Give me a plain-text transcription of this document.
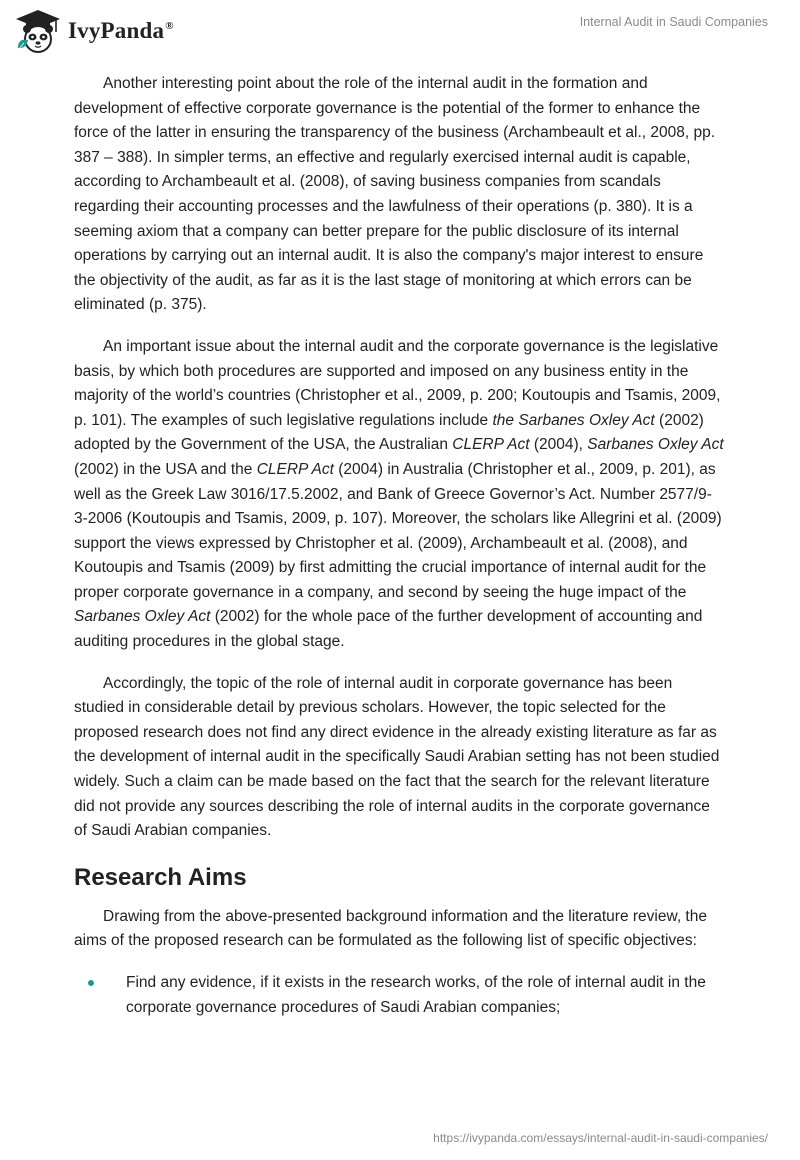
IvyPanda®	Internal Audit in Saudi Companies

Another interesting point about the role of the internal audit in the formation and development of effective corporate governance is the potential of the former to enhance the force of the latter in ensuring the transparency of the business (Archambeault et al., 2008, pp. 387 – 388). In simpler terms, an effective and regularly exercised internal audit is capable, according to Archambeault et al. (2008), of saving business companies from scandals regarding their accounting processes and the lawfulness of their operations (p. 380). It is a seeming axiom that a company can better prepare for the public disclosure of its internal operations by carrying out an internal audit. It is also the company's major interest to ensure the objectivity of the audit, as far as it is the last stage of monitoring at which errors can be eliminated (p. 375).

An important issue about the internal audit and the corporate governance is the legislative basis, by which both procedures are supported and imposed on any business entity in the majority of the world’s countries (Christopher et al., 2009, p. 200; Koutoupis and Tsamis, 2009, p. 101). The examples of such legislative regulations include the Sarbanes Oxley Act (2002) adopted by the Government of the USA, the Australian CLERP Act (2004), Sarbanes Oxley Act (2002) in the USA and the CLERP Act (2004) in Australia (Christopher et al., 2009, p. 201), as well as the Greek Law 3016/17.5.2002, and Bank of Greece Governor’s Act. Number 2577/9-3-2006 (Koutoupis and Tsamis, 2009, p. 107). Moreover, the scholars like Allegrini et al. (2009) support the views expressed by Christopher et al. (2009), Archambeault et al. (2008), and Koutoupis and Tsamis (2009) by first admitting the crucial importance of internal audit for the proper corporate governance in a company, and second by seeing the huge impact of the Sarbanes Oxley Act (2002) for the whole pace of the further development of accounting and auditing procedures in the global stage.

Accordingly, the topic of the role of internal audit in corporate governance has been studied in considerable detail by previous scholars. However, the topic selected for the proposed research does not find any direct evidence in the already existing literature as far as the development of internal audit in the specifically Saudi Arabian setting has not been studied widely. Such a claim can be made based on the fact that the search for the relevant literature did not provide any sources describing the role of internal audits in the corporate governance of Saudi Arabian companies.

Research Aims

Drawing from the above-presented background information and the literature review, the aims of the proposed research can be formulated as the following list of specific objectives:

Find any evidence, if it exists in the research works, of the role of internal audit in the corporate governance procedures of Saudi Arabian companies;
https://ivypanda.com/essays/internal-audit-in-saudi-companies/
